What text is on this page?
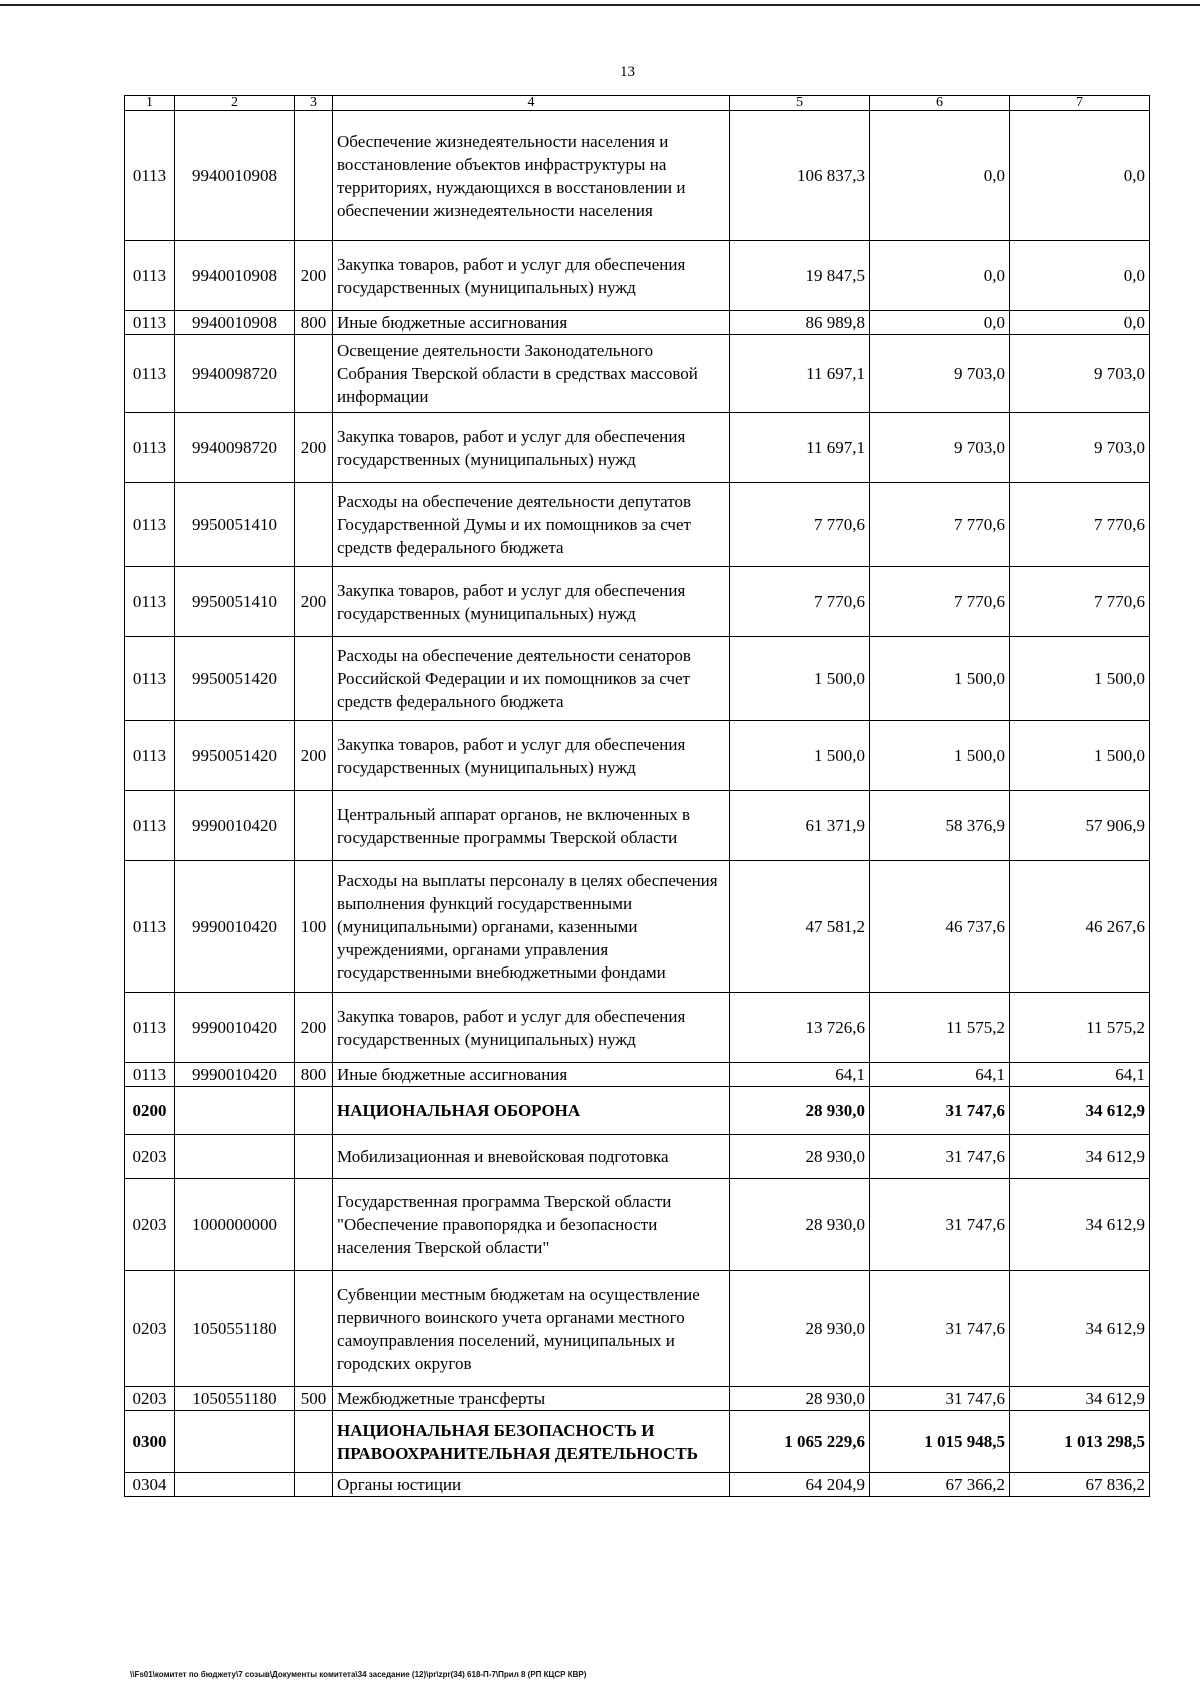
13
1	2	3	4	5	6	7
0113	9940010908		Обеспечение жизнедеятельности населения и восстановление объектов инфраструктуры на территориях, нуждающихся в восстановлении и обеспечении жизнедеятельности населения	106 837,3	0,0	0,0
0113	9940010908	200	Закупка товаров, работ и услуг для обеспечения государственных (муниципальных) нужд	19 847,5	0,0	0,0
0113	9940010908	800	Иные бюджетные ассигнования	86 989,8	0,0	0,0
0113	9940098720		Освещение деятельности Законодательного Собрания Тверской области в средствах массовой информации	11 697,1	9 703,0	9 703,0
0113	9940098720	200	Закупка товаров, работ и услуг для обеспечения государственных (муниципальных) нужд	11 697,1	9 703,0	9 703,0
0113	9950051410		Расходы на обеспечение деятельности депутатов Государственной Думы и их помощников за счет средств федерального бюджета	7 770,6	7 770,6	7 770,6
0113	9950051410	200	Закупка товаров, работ и услуг для обеспечения государственных (муниципальных) нужд	7 770,6	7 770,6	7 770,6
0113	9950051420		Расходы на обеспечение деятельности сенаторов Российской Федерации и их помощников за счет средств федерального бюджета	1 500,0	1 500,0	1 500,0
0113	9950051420	200	Закупка товаров, работ и услуг для обеспечения государственных (муниципальных) нужд	1 500,0	1 500,0	1 500,0
0113	9990010420		Центральный аппарат органов, не включенных в государственные программы Тверской области	61 371,9	58 376,9	57 906,9
0113	9990010420	100	Расходы на выплаты персоналу в целях обеспечения выполнения функций государственными (муниципальными) органами, казенными учреждениями, органами управления государственными внебюджетными фондами	47 581,2	46 737,6	46 267,6
0113	9990010420	200	Закупка товаров, работ и услуг для обеспечения государственных (муниципальных) нужд	13 726,6	11 575,2	11 575,2
0113	9990010420	800	Иные бюджетные ассигнования	64,1	64,1	64,1
0200			НАЦИОНАЛЬНАЯ ОБОРОНА	28 930,0	31 747,6	34 612,9
0203			Мобилизационная и вневойсковая подготовка	28 930,0	31 747,6	34 612,9
0203	1000000000		Государственная программа Тверской области "Обеспечение правопорядка и безопасности населения Тверской области"	28 930,0	31 747,6	34 612,9
0203	1050551180		Субвенции местным бюджетам на осуществление первичного воинского учета органами местного самоуправления поселений, муниципальных и городских округов	28 930,0	31 747,6	34 612,9
0203	1050551180	500	Межбюджетные трансферты	28 930,0	31 747,6	34 612,9
0300			НАЦИОНАЛЬНАЯ БЕЗОПАСНОСТЬ И ПРАВООХРАНИТЕЛЬНАЯ ДЕЯТЕЛЬНОСТЬ	1 065 229,6	1 015 948,5	1 013 298,5
0304			Органы юстиции	64 204,9	67 366,2	67 836,2
\\Fs01\комитет по бюджету\7 созыв\Документы комитета\34 заседание (12)\pr\zpr(34) 618-П-7\Прил 8 (РП КЦСР КВР)
